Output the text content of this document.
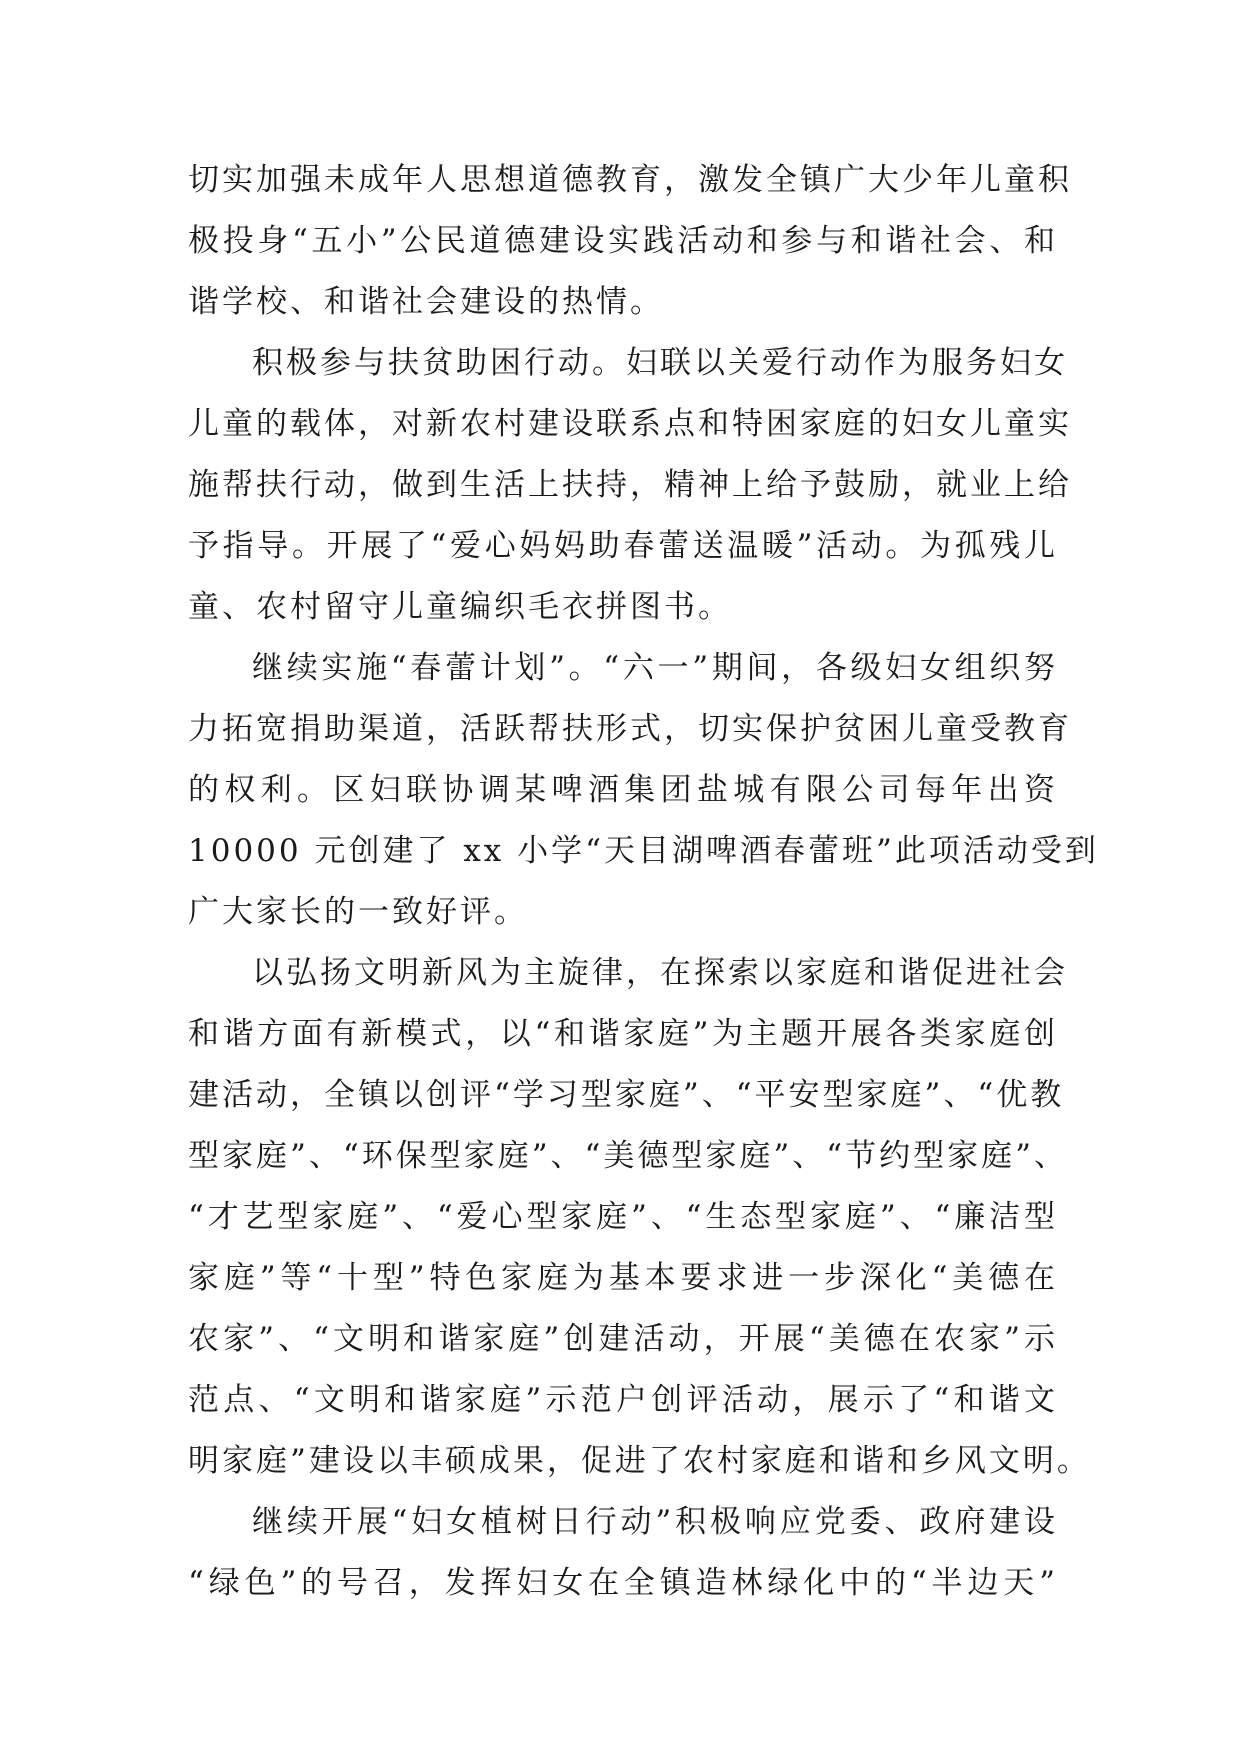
切实加强未成年人思想道德教育，激发全镇广大少年儿童积
极投身“五小”公民道德建设实践活动和参与和谐社会、和
谐学校、和谐社会建设的热情。
积极参与扶贫助困行动。妇联以关爱行动作为服务妇女
儿童的载体，对新农村建设联系点和特困家庭的妇女儿童实
施帮扶行动，做到生活上扶持，精神上给予鼓励，就业上给
予指导。开展了“爱心妈妈助春蕾送温暖”活动。为孤残儿
童、农村留守儿童编织毛衣拼图书。
继续实施“春蕾计划”。“六一”期间，各级妇女组织努
力拓宽捐助渠道，活跃帮扶形式，切实保护贫困儿童受教育
的权利。区妇联协调某啤酒集团盐城有限公司每年出资
10000 元创建了 xx 小学“天目湖啤酒春蕾班”此项活动受到
广大家长的一致好评。
以弘扬文明新风为主旋律，在探索以家庭和谐促进社会
和谐方面有新模式，以“和谐家庭”为主题开展各类家庭创
建活动，全镇以创评“学习型家庭”、“平安型家庭”、“优教
型家庭”、“环保型家庭”、“美德型家庭”、“节约型家庭”、
“才艺型家庭”、“爱心型家庭”、“生态型家庭”、“廉洁型
家庭”等“十型”特色家庭为基本要求进一步深化“美德在
农家”、“文明和谐家庭”创建活动，开展“美德在农家”示
范点、“文明和谐家庭”示范户创评活动，展示了“和谐文
明家庭”建设以丰硕成果，促进了农村家庭和谐和乡风文明。
继续开展“妇女植树日行动”积极响应党委、政府建设
“绿色”的号召，发挥妇女在全镇造林绿化中的“半边天”
